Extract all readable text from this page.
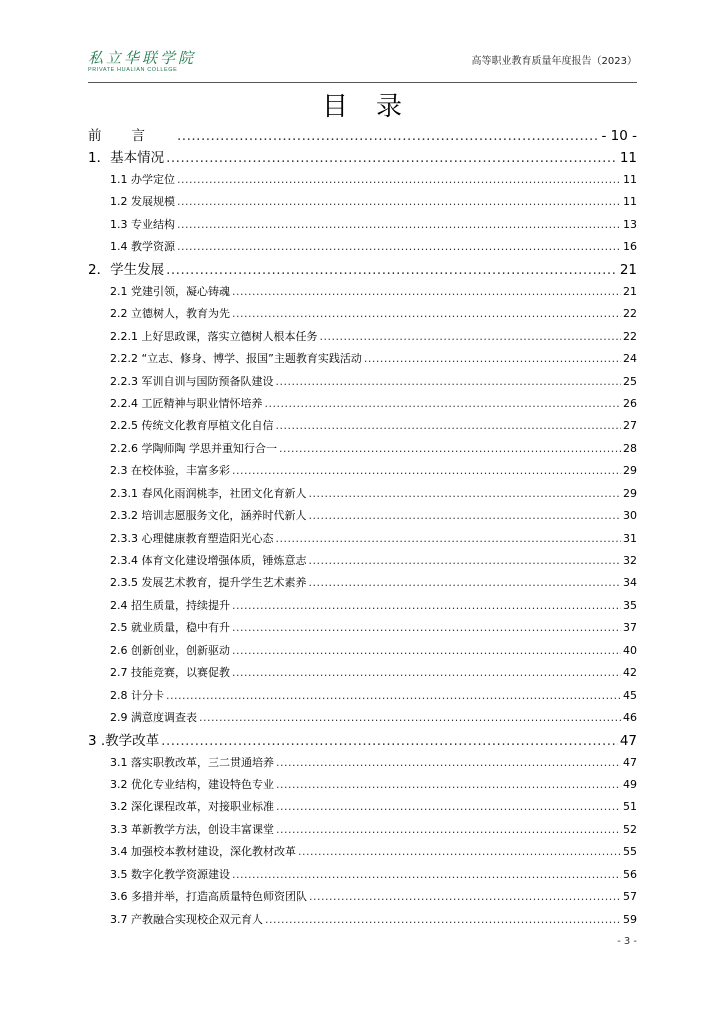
私立华联学院
PRIVATE HUALIAN COLLEGE
高等职业教育质量年度报告（2023）
目录
前言 .....	- 10 -
1．基本情况 .....	11
1.1 办学定位 .....	11
1.2 发展规模 .....	11
1.3 专业结构 .....	13
1.4 教学资源 .....	16
2．学生发展 .....	21
2.1 党建引领，凝心铸魂 .....	21
2.2 立德树人，教育为先 .....	22
2.2.1 上好思政课，落实立德树人根本任务 .....	22
2.2.2 “立志、修身、博学、报国”主题教育实践活动 .....	24
2.2.3 军训自训与国防预备队建设 .....	25
2.2.4 工匠精神与职业情怀培养 .....	26
2.2.5 传统文化教育厚植文化自信 .....	27
2.2.6 学陶师陶 学思并重知行合一 .....	28
2.3 在校体验，丰富多彩 .....	29
2.3.1 春风化雨润桃李，社团文化育新人 .....	29
2.3.2 培训志愿服务文化，涵养时代新人 .....	30
2.3.3 心理健康教育塑造阳光心态 .....	31
2.3.4 体育文化建设增强体质，锤炼意志 .....	32
2.3.5 发展艺术教育，提升学生艺术素养 .....	34
2.4 招生质量，持续提升 .....	35
2.5 就业质量，稳中有升 .....	37
2.6 创新创业，创新驱动 .....	40
2.7 技能竞赛，以赛促教 .....	42
2.8 计分卡 .....	45
2.9 满意度调查表 .....	46
3 .教学改革 .....	47
3.1 落实职教改革，三二贯通培养 .....	47
3.2 优化专业结构，建设特色专业 .....	49
3.2 深化课程改革，对接职业标准 .....	51
3.3 革新教学方法，创设丰富课堂 .....	52
3.4 加强校本教材建设，深化教材改革 .....	55
3.5 数字化教学资源建设 .....	56
3.6 多措并举，打造高质量特色师资团队 .....	57
3.7 产教融合实现校企双元育人 .....	59
- 3 -
